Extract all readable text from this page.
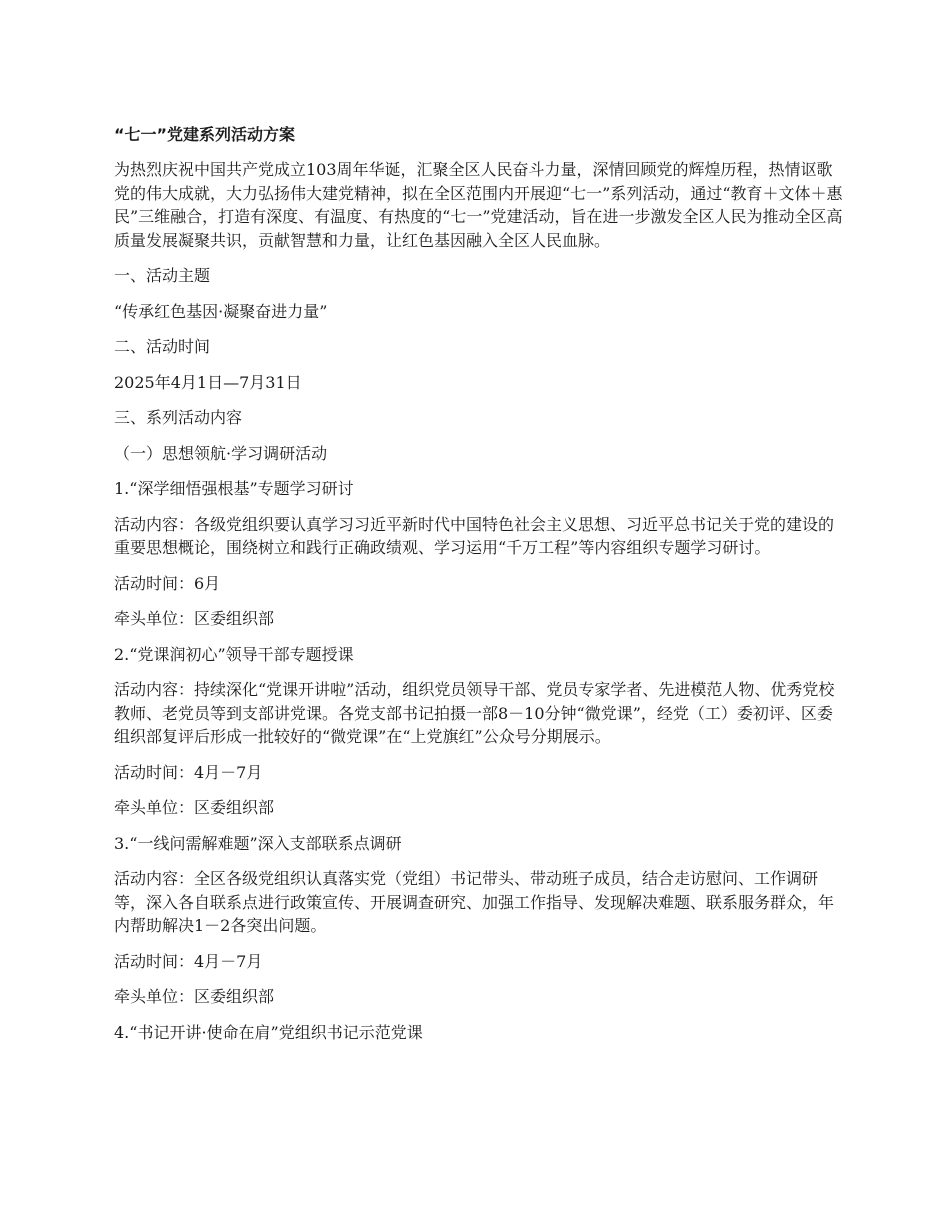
“七一”党建系列活动方案

为热烈庆祝中国共产党成立103周年华诞，汇聚全区人民奋斗力量，深情回顾党的辉煌历程，热情讴歌党的伟大成就，大力弘扬伟大建党精神，拟在全区范围内开展迎“七一”系列活动，通过“教育＋文体＋惠民”三维融合，打造有深度、有温度、有热度的“七一”党建活动，旨在进一步激发全区人民为推动全区高质量发展凝聚共识，贡献智慧和力量，让红色基因融入全区人民血脉。

一、活动主题

“传承红色基因·凝聚奋进力量”

二、活动时间

2025年4月1日—7月31日

三、系列活动内容

（一）思想领航·学习调研活动

1.“深学细悟强根基”专题学习研讨

活动内容：各级党组织要认真学习习近平新时代中国特色社会主义思想、习近平总书记关于党的建设的重要思想概论，围绕树立和践行正确政绩观、学习运用“千万工程”等内容组织专题学习研讨。

活动时间：6月

牵头单位：区委组织部

2.“党课润初心”领导干部专题授课

活动内容：持续深化“党课开讲啦”活动，组织党员领导干部、党员专家学者、先进模范人物、优秀党校教师、老党员等到支部讲党课。各党支部书记拍摄一部8－10分钟“微党课”，经党（工）委初评、区委组织部复评后形成一批较好的“微党课”在“上党旗红”公众号分期展示。

活动时间：4月－7月

牵头单位：区委组织部

3.“一线问需解难题”深入支部联系点调研

活动内容：全区各级党组织认真落实党（党组）书记带头、带动班子成员，结合走访慰问、工作调研等，深入各自联系点进行政策宣传、开展调查研究、加强工作指导、发现解决难题、联系服务群众，年内帮助解决1－2各突出问题。

活动时间：4月－7月

牵头单位：区委组织部

4.“书记开讲·使命在肩”党组织书记示范党课
